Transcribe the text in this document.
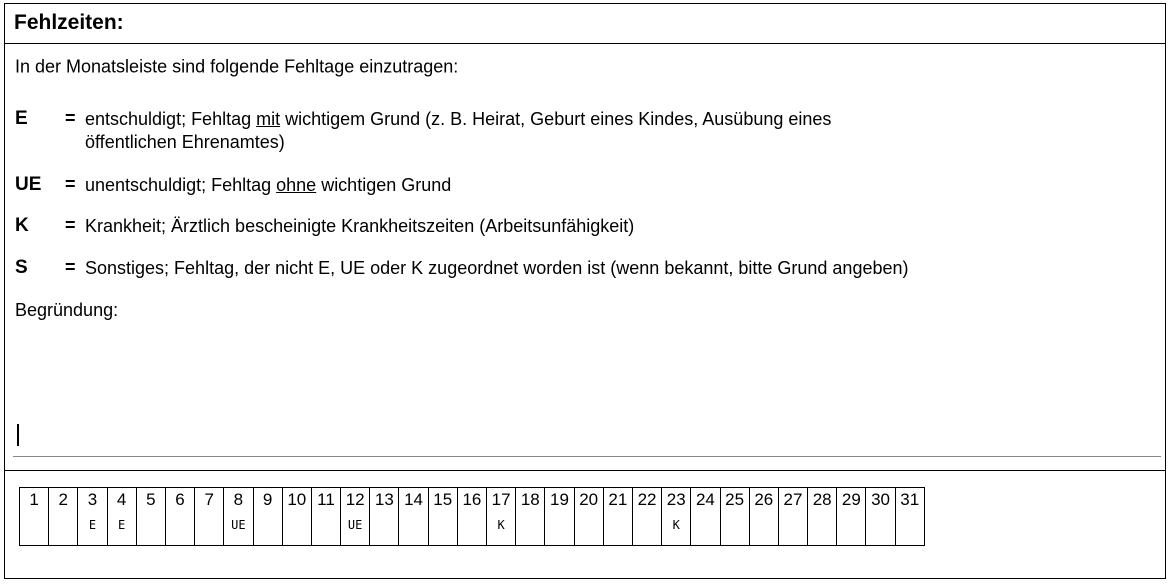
Fehlzeiten:
In der Monatsleiste sind folgende Fehltage einzutragen:
E = entschuldigt; Fehltag mit wichtigem Grund (z. B. Heirat, Geburt eines Kindes, Ausübung eines
öffentlichen Ehrenamtes)
UE = unentschuldigt; Fehltag ohne wichtigen Grund
K = Krankheit; Ärztlich bescheinigte Krankheitszeiten (Arbeitsunfähigkeit)
S = Sonstiges; Fehltag, der nicht E, UE oder K zugeordnet worden ist (wenn bekannt, bitte Grund angeben)
Begründung:
1	2	3	4	5	6	7	8	9	10	11	12	13	14	15	16	17	18	19	20	21	22	23	24	25	26	27	28	29	30	31
		E	E				UE				UE					K						K								
